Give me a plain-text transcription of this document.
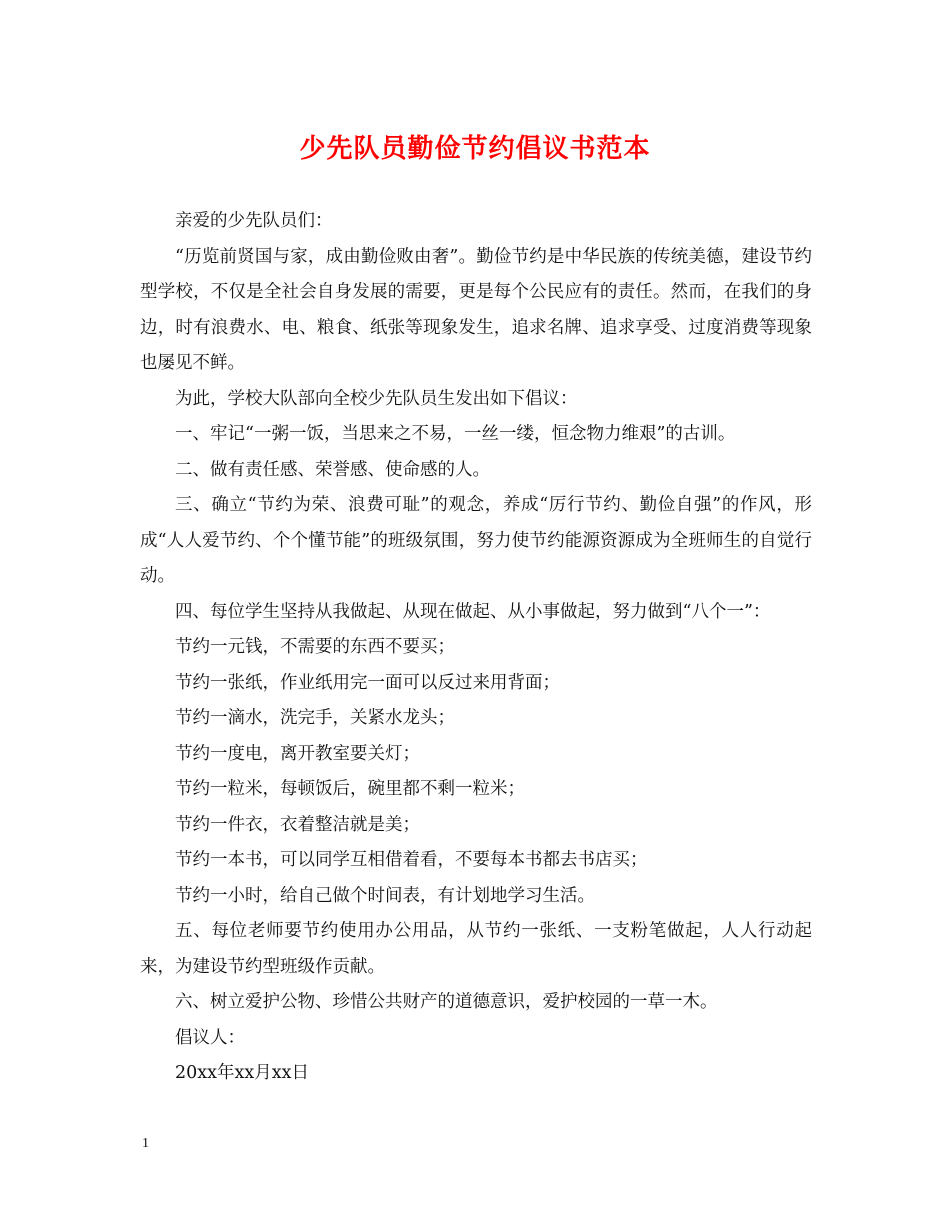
少先队员勤俭节约倡议书范本

亲爱的少先队员们：

“历览前贤国与家，成由勤俭败由奢”。勤俭节约是中华民族的传统美德，建设节约型学校，不仅是全社会自身发展的需要，更是每个公民应有的责任。然而，在我们的身边，时有浪费水、电、粮食、纸张等现象发生，追求名牌、追求享受、过度消费等现象也屡见不鲜。

为此，学校大队部向全校少先队员生发出如下倡议：

一、牢记“一粥一饭，当思来之不易，一丝一缕，恒念物力维艰”的古训。

二、做有责任感、荣誉感、使命感的人。

三、确立“节约为荣、浪费可耻”的观念，养成“厉行节约、勤俭自强”的作风，形成“人人爱节约、个个懂节能”的班级氛围，努力使节约能源资源成为全班师生的自觉行动。

四、每位学生坚持从我做起、从现在做起、从小事做起，努力做到“八个一”：

节约一元钱，不需要的东西不要买；

节约一张纸，作业纸用完一面可以反过来用背面；

节约一滴水，洗完手，关紧水龙头；

节约一度电，离开教室要关灯；

节约一粒米，每顿饭后，碗里都不剩一粒米；

节约一件衣，衣着整洁就是美；

节约一本书，可以同学互相借着看，不要每本书都去书店买；

节约一小时，给自己做个时间表，有计划地学习生活。

五、每位老师要节约使用办公用品，从节约一张纸、一支粉笔做起，人人行动起来，为建设节约型班级作贡献。

六、树立爱护公物、珍惜公共财产的道德意识，爱护校园的一草一木。

倡议人：

20xx年xx月xx日

1
